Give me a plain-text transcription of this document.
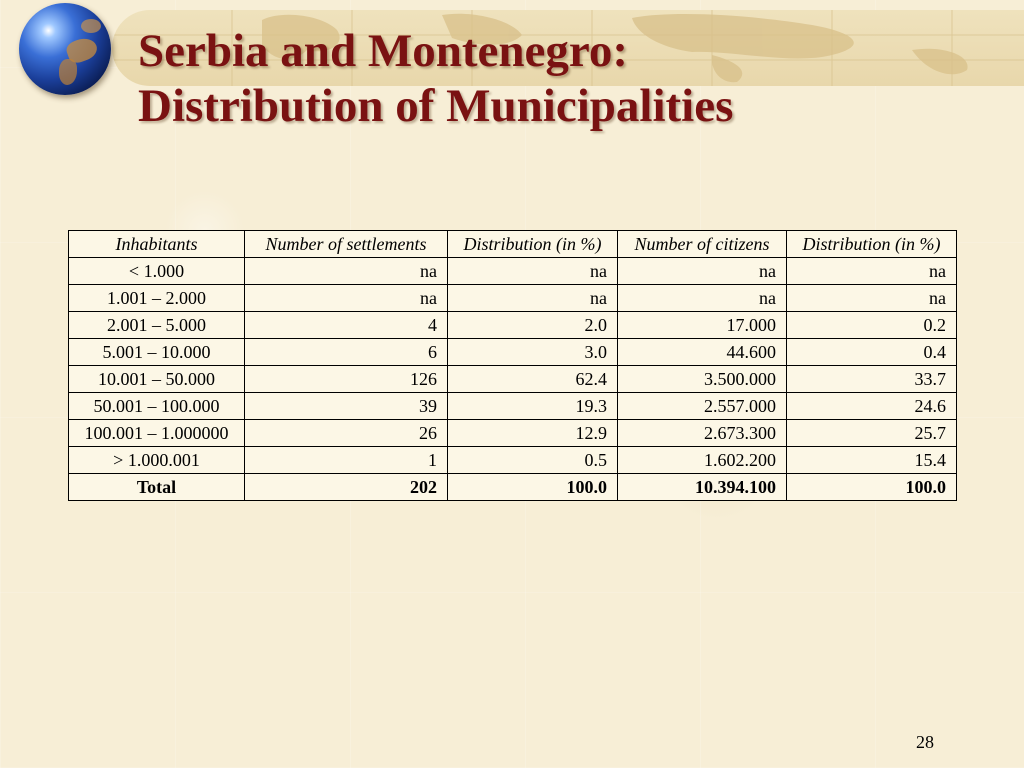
Serbia and Montenegro:
Distribution of Municipalities
Inhabitants	Number of settlements	Distribution (in %)	Number of citizens	Distribution (in %)
< 1.000	na	na	na	na
1.001 – 2.000	na	na	na	na
2.001 – 5.000	4	2.0	17.000	0.2
5.001 – 10.000	6	3.0	44.600	0.4
10.001 – 50.000	126	62.4	3.500.000	33.7
50.001 – 100.000	39	19.3	2.557.000	24.6
100.001 – 1.000000	26	12.9	2.673.300	25.7
> 1.000.001	1	0.5	1.602.200	15.4
Total	202	100.0	10.394.100	100.0
28
